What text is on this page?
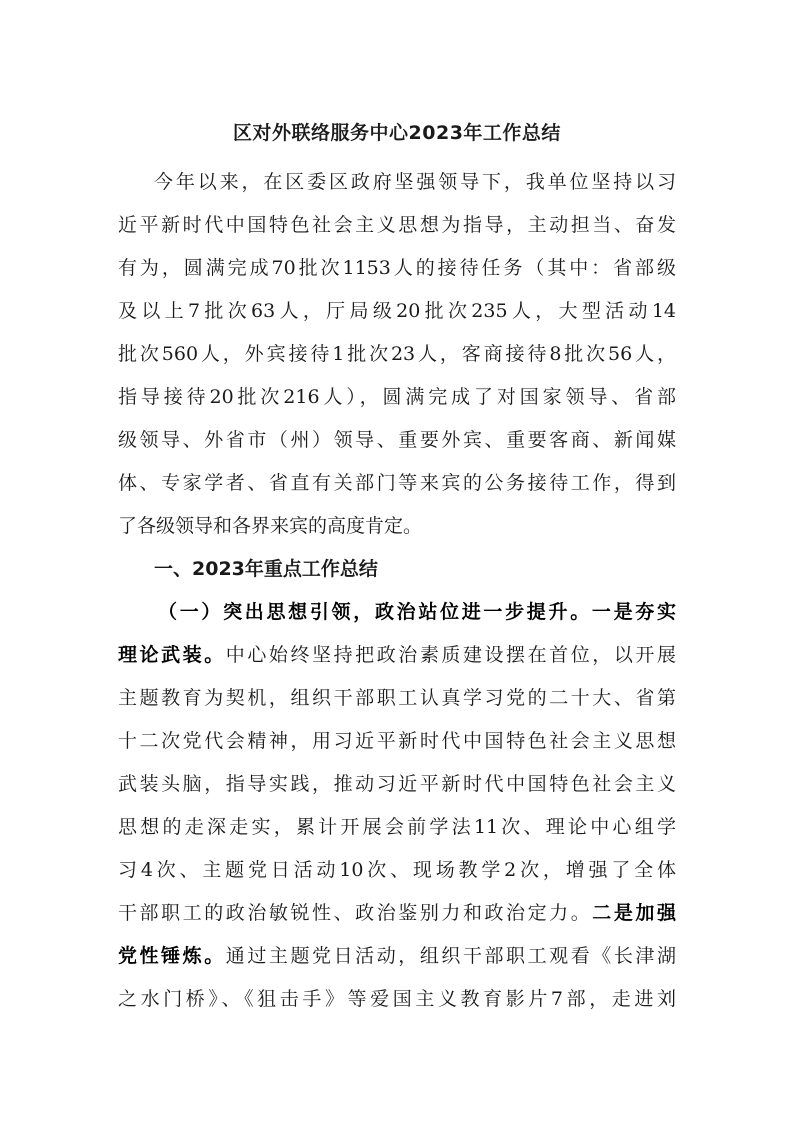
区对外联络服务中心2023年工作总结
今年以来，在区委区政府坚强领导下，我单位坚持以习
近平新时代中国特色社会主义思想为指导，主动担当、奋发
有为，圆满完成70批次1153人的接待任务（其中：省部级
及以上7批次63人，厅局级20批次235人，大型活动14
批次560人，外宾接待1批次23人，客商接待8批次56人，
指导接待20批次216人），圆满完成了对国家领导、省部
级领导、外省市（州）领导、重要外宾、重要客商、新闻媒
体、专家学者、省直有关部门等来宾的公务接待工作，得到
了各级领导和各界来宾的高度肯定。
一、2023年重点工作总结
（一）突出思想引领，政治站位进一步提升。一是夯实
理论武装。中心始终坚持把政治素质建设摆在首位，以开展
主题教育为契机，组织干部职工认真学习党的二十大、省第
十二次党代会精神，用习近平新时代中国特色社会主义思想
武装头脑，指导实践，推动习近平新时代中国特色社会主义
思想的走深走实，累计开展会前学法11次、理论中心组学
习4次、主题党日活动10次、现场教学2次，增强了全体
干部职工的政治敏锐性、政治鉴别力和政治定力。二是加强
党性锤炼。通过主题党日活动，组织干部职工观看《长津湖
之水门桥》、《狙击手》等爱国主义教育影片7部，走进刘
